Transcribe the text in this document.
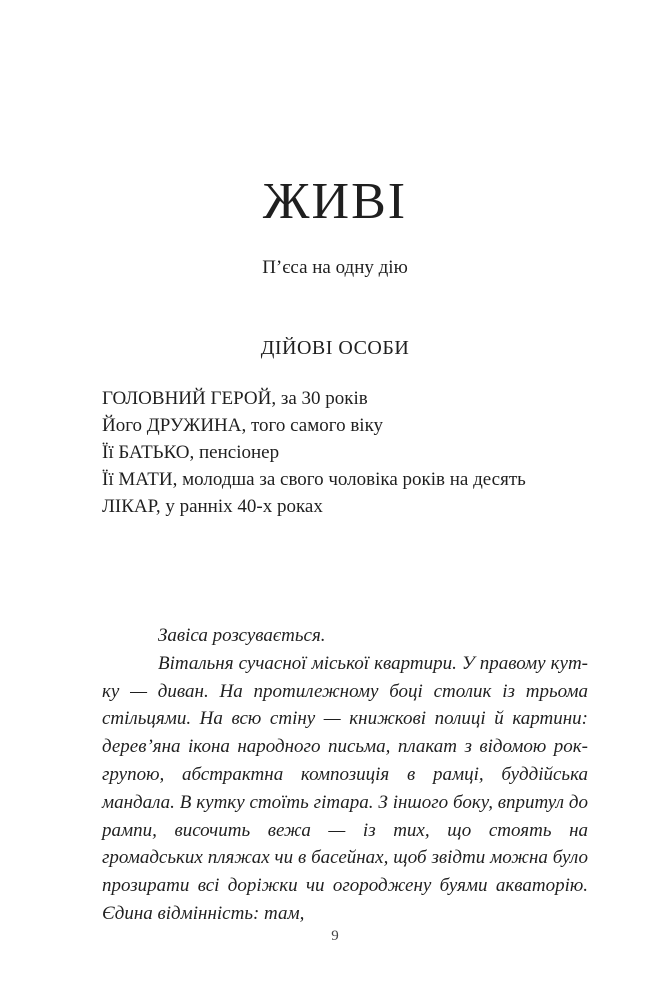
ЖИВІ
П’єса на одну дію
ДІЙОВІ ОСОБИ
ГОЛОВНИЙ ГЕРОЙ, за 30 років
Його ДРУЖИНА, того самого віку
Її БАТЬКО, пенсіонер
Її МАТИ, молодша за свого чоловіка років на десять
ЛІКАР, у ранніх 40-х роках

Завіса розсувається.

Вітальня сучасної міської квартири. У правому кутку — диван. На протилежному боці столик із трьома стільцями. На всю стіну — книжкові полиці й картини: дерев’яна ікона народного письма, плакат з відомою рок-групою, абстрактна композиція в рамці, буддійська мандала. В кутку стоїть гітара. З іншого боку, впритул до рампи, височить вежа — із тих, що стоять на громадських пляжах чи в басейнах, щоб звідти можна було прозирати всі доріжки чи огороджену буями акваторію. Єдина відмінність: там,

9
